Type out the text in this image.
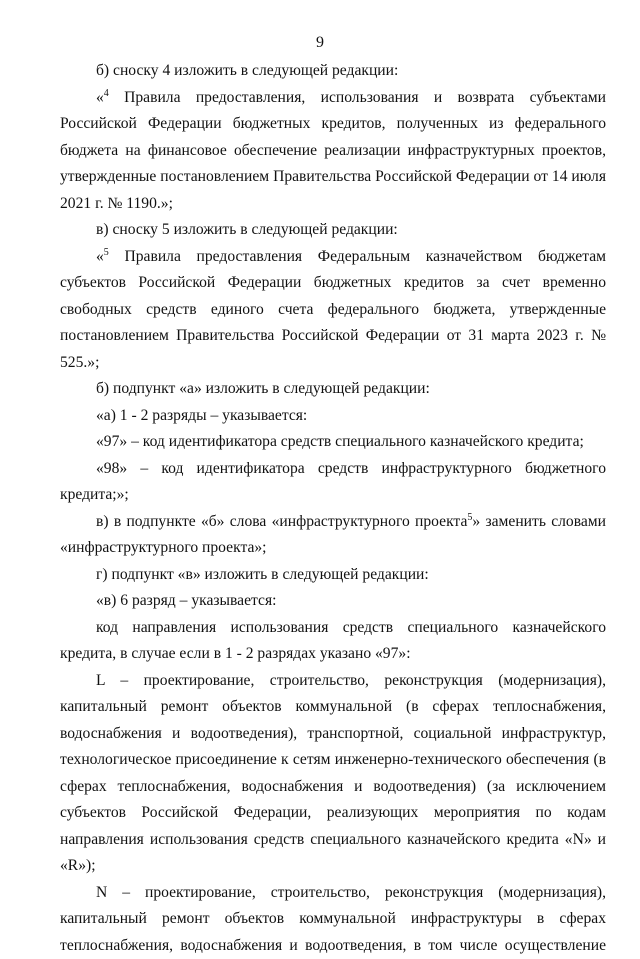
9

б) сноску 4 изложить в следующей редакции:

«$^4$ Правила предоставления, использования и возврата субъектами Российской Федерации бюджетных кредитов, полученных из федерального бюджета на финансовое обеспечение реализации инфраструктурных проектов, утвержденные постановлением Правительства Российской Федерации от 14 июля 2021 г. № 1190.»;

в) сноску 5 изложить в следующей редакции:

«$^5$ Правила предоставления Федеральным казначейством бюджетам субъектов Российской Федерации бюджетных кредитов за счет временно свободных средств единого счета федерального бюджета, утвержденные постановлением Правительства Российской Федерации от 31 марта 2023 г. № 525.»;

б) подпункт «а» изложить в следующей редакции:

«а) 1 - 2 разряды – указывается:

«97» – код идентификатора средств специального казначейского кредита;

«98» – код идентификатора средств инфраструктурного бюджетного кредита;»;

в) в подпункте «б» слова «инфраструктурного проекта$^5$» заменить словами «инфраструктурного проекта»;

г) подпункт «в» изложить в следующей редакции:

«в) 6 разряд – указывается:

код направления использования средств специального казначейского кредита, в случае если в 1 - 2 разрядах указано «97»:

L – проектирование, строительство, реконструкция (модернизация), капитальный ремонт объектов коммунальной (в сферах теплоснабжения, водоснабжения и водоотведения), транспортной, социальной инфраструктур, технологическое присоединение к сетям инженерно-технического обеспечения (в сферах теплоснабжения, водоснабжения и водоотведения) (за исключением субъектов Российской Федерации, реализующих мероприятия по кодам направления использования средств специального казначейского кредита «N» и «R»);

N – проектирование, строительство, реконструкция (модернизация), капитальный ремонт объектов коммунальной инфраструктуры в сферах теплоснабжения, водоснабжения и водоотведения, в том числе осуществление
